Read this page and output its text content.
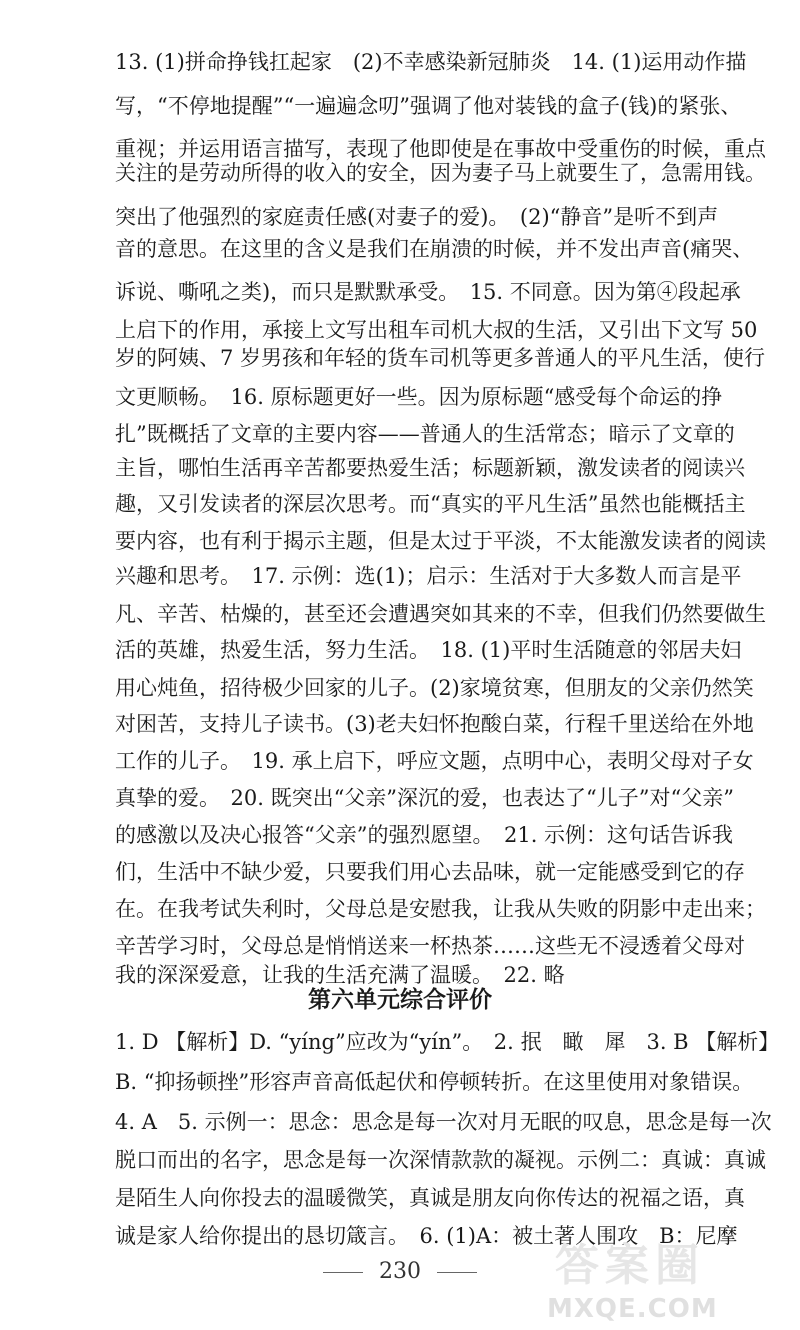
13. (1)拼命挣钱扛起家　(2)不幸感染新冠肺炎　14. (1)运用动作描
写，“不停地提醒”“一遍遍念叨”强调了他对装钱的盒子(钱)的紧张、
重视；并运用语言描写，表现了他即使是在事故中受重伤的时候，重点
关注的是劳动所得的收入的安全，因为妻子马上就要生了，急需用钱。
突出了他强烈的家庭责任感(对妻子的爱)。　(2)“静音”是听不到声
音的意思。在这里的含义是我们在崩溃的时候，并不发出声音(痛哭、
诉说、嘶吼之类)，而只是默默承受。　15. 不同意。因为第④段起承
上启下的作用，承接上文写出租车司机大叔的生活，又引出下文写 50
岁的阿姨、7 岁男孩和年轻的货车司机等更多普通人的平凡生活，使行
文更顺畅。　16. 原标题更好一些。因为原标题“感受每个命运的挣
扎”既概括了文章的主要内容——普通人的生活常态；暗示了文章的
主旨，哪怕生活再辛苦都要热爱生活；标题新颖，激发读者的阅读兴
趣，又引发读者的深层次思考。而“真实的平凡生活”虽然也能概括主
要内容，也有利于揭示主题，但是太过于平淡，不太能激发读者的阅读
兴趣和思考。　17. 示例：选(1)；启示：生活对于大多数人而言是平
凡、辛苦、枯燥的，甚至还会遭遇突如其来的不幸，但我们仍然要做生
活的英雄，热爱生活，努力生活。　18. (1)平时生活随意的邻居夫妇
用心炖鱼，招待极少回家的儿子。(2)家境贫寒，但朋友的父亲仍然笑
对困苦，支持儿子读书。(3)老夫妇怀抱酸白菜，行程千里送给在外地
工作的儿子。　19. 承上启下，呼应文题，点明中心，表明父母对子女
真挚的爱。　20. 既突出“父亲”深沉的爱，也表达了“儿子”对“父亲”
的感激以及决心报答“父亲”的强烈愿望。　21. 示例：这句话告诉我
们，生活中不缺少爱，只要我们用心去品味，就一定能感受到它的存
在。在我考试失利时，父母总是安慰我，让我从失败的阴影中走出来；
辛苦学习时，父母总是悄悄送来一杯热茶……这些无不浸透着父母对
我的深深爱意，让我的生活充满了温暖。　22. 略
第六单元综合评价
1. D 【解析】D. “yíng”应改为“yín”。　2. 抿　瞰　犀　3. B 【解析】
B. “抑扬顿挫”形容声音高低起伏和停顿转折。在这里使用对象错误。
4. A　5. 示例一：思念：思念是每一次对月无眠的叹息，思念是每一次
脱口而出的名字，思念是每一次深情款款的凝视。示例二：真诚：真诚
是陌生人向你投去的温暖微笑，真诚是朋友向你传达的祝福之语，真
诚是家人给你提出的恳切箴言。　6. (1)A：被土著人围攻　B：尼摩
230	答案圈
MXQE.COM
